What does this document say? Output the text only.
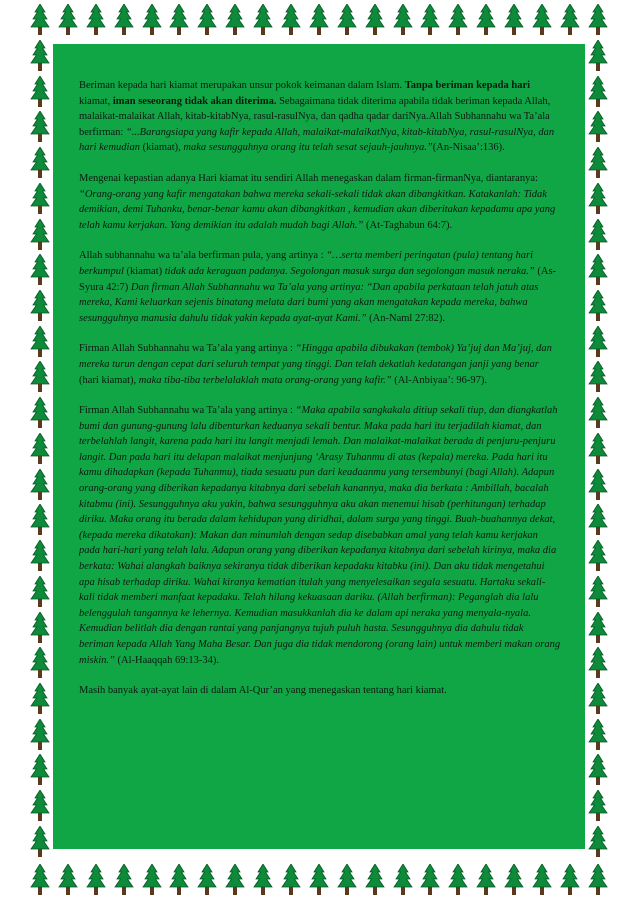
Beriman kepada hari kiamat merupakan unsur pokok keimanan dalam Islam. Tanpa beriman kepada hari kiamat, iman seseorang tidak akan diterima. Sebagaimana tidak diterima apabila tidak beriman kepada Allah, malaikat-malaikat Allah, kitab-kitabNya, rasul-rasulNya, dan qadha qadar dariNya.Allah Subhannahu wa Ta’ala berfirman: “...Barangsiapa yang kafir kepada Allah, malaikat-malaikatNya, kitab-kitabNya, rasul-rasulNya, dan hari kemudian (kiamat), maka sesungguhnya orang itu telah sesat sejauh-jauhnya.”(An-Nisaa’:136).

Mengenai kepastian adanya Hari kiamat itu sendiri Allah menegaskan dalam firman-firmanNya, diantaranya: “Orang-orang yang kafir mengatakan bahwa mereka sekali-sekali tidak akan dibangkitkan. Katakanlah: Tidak demikian, demi Tuhanku, benar-benar kamu akan dibangkitkan , kemudian akan diberitakan kepadamu apa yang telah kamu kerjakan. Yang demikian itu adalah mudah bagi Allah.” (At-Taghabun 64:7).

Allah subhannahu wa ta’ala berfirman pula, yang artinya : “…serta memberi peringatan (pula) tentang hari berkumpul (kiamat) tidak ada keraguan padanya. Segolongan masuk surga dan segolongan masuk neraka.” (As-Syura 42:7) Dan firman Allah Subhannahu wa Ta’ala yang artinya: “Dan apabila perkataan telah jatuh atas mereka, Kami keluarkan sejenis binatang melata dari bumi yang akan mengatakan kepada mereka, bahwa sesungguhnya manusia dahulu tidak yakin kepada ayat-ayat Kami.” (An-Naml 27:82).

Firman Allah Subhannahu wa Ta’ala yang artinya : “Hingga apabila dibukakan (tembok) Ya’juj dan Ma’juj, dan mereka turun dengan cepat dari seluruh tempat yang tinggi. Dan telah dekatlah kedatangan janji yang benar (hari kiamat), maka tiba-tiba terbelalaklah mata orang-orang yang kafir.” (Al-Anbiyaa’: 96-97).

Firman Allah Subhannahu wa Ta’ala yang artinya : “Maka apabila sangkakala ditiup sekali tiup, dan diangkatlah bumi dan gunung-gunung lalu dibenturkan keduanya sekali bentur. Maka pada hari itu terjadilah kiamat, dan terbelahlah langit, karena pada hari itu langit menjadi lemah. Dan malaikat-malaikat berada di penjuru-penjuru langit. Dan pada hari itu delapan malaikat menjunjung ‘Arasy Tuhanmu di atas (kepala) mereka. Pada hari itu kamu dihadapkan (kepada Tuhanmu), tiada sesuatu pun dari keadaanmu yang tersembunyi (bagi Allah). Adapun orang-orang yang diberikan kepadanya kitabnya dari sebelah kanannya, maka dia berkata : Ambillah, bacalah kitabmu (ini). Sesungguhnya aku yakin, bahwa sesungguhnya aku akan menemui hisab (perhitungan) terhadap diriku. Maka orang itu berada dalam kehidupan yang diridhai, dalam surga yang tinggi. Buah-buahannya dekat, (kepada mereka dikatakan): Makan dan minumlah dengan sedap disebabkan amal yang telah kamu kerjakan pada hari-hari yang telah lalu. Adapun orang yang diberikan kepadanya kitabnya dari sebelah kirinya, maka dia berkata: Wahai alangkah baiknya sekiranya tidak diberikan kepadaku kitabku (ini). Dan aku tidak mengetahui apa hisab terhadap diriku. Wahai kiranya kematian itulah yang menyelesaikan segala sesuatu. Hartaku sekali-kali tidak memberi manfaat kepadaku. Telah hilang kekuasaan dariku. (Allah berfirman): Peganglah dia lalu belenggulah tangannya ke lehernya. Kemudian masukkanlah dia ke dalam api neraka yang menyala-nyala. Kemudian belitlah dia dengan rantai yang panjangnya tujuh puluh hasta. Sesungguhnya dia dahulu tidak beriman kepada Allah Yang Maha Besar. Dan juga dia tidak mendorong (orang lain) untuk memberi makan orang miskin.” (Al-Haaqqah 69:13-34).

Masih banyak ayat-ayat lain di dalam Al-Qur’an yang menegaskan tentang hari kiamat.
